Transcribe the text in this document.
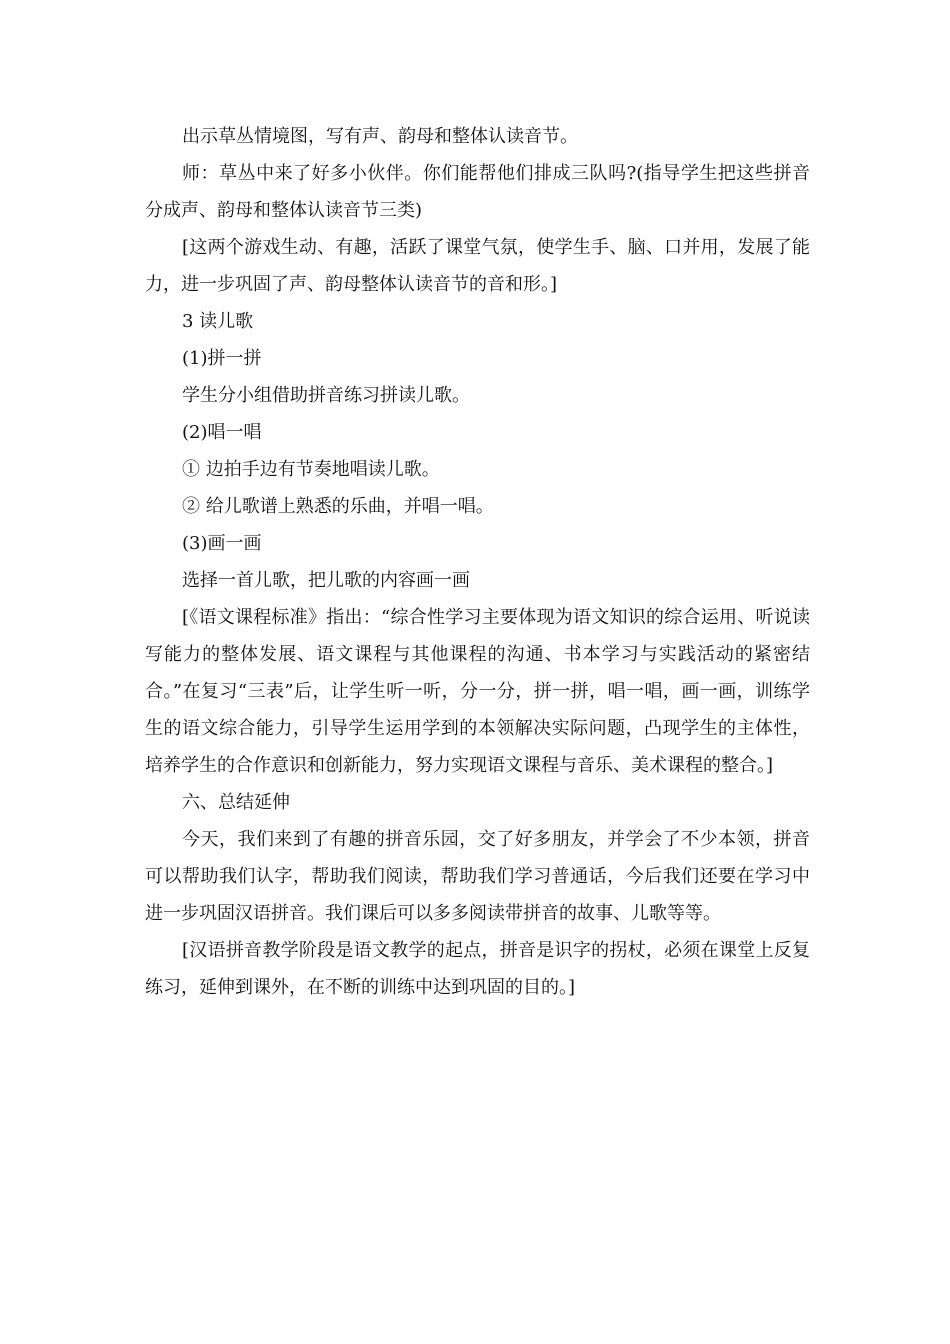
出示草丛情境图，写有声、韵母和整体认读音节。

师：草丛中来了好多小伙伴。你们能帮他们排成三队吗?(指导学生把这些拼音分成声、韵母和整体认读音节三类)

[这两个游戏生动、有趣，活跃了课堂气氛，使学生手、脑、口并用，发展了能力，进一步巩固了声、韵母整体认读音节的音和形。]

3 读儿歌

(1)拼一拼

学生分小组借助拼音练习拼读儿歌。

(2)唱一唱

① 边拍手边有节奏地唱读儿歌。

② 给儿歌谱上熟悉的乐曲，并唱一唱。

(3)画一画

选择一首儿歌，把儿歌的内容画一画

[《语文课程标准》指出：“综合性学习主要体现为语文知识的综合运用、听说读写能力的整体发展、语文课程与其他课程的沟通、书本学习与实践活动的紧密结合。”在复习“三表”后，让学生听一听，分一分，拼一拼，唱一唱，画一画，训练学生的语文综合能力，引导学生运用学到的本领解决实际问题，凸现学生的主体性，培养学生的合作意识和创新能力，努力实现语文课程与音乐、美术课程的整合。]

六、总结延伸

今天，我们来到了有趣的拼音乐园，交了好多朋友，并学会了不少本领，拼音可以帮助我们认字，帮助我们阅读，帮助我们学习普通话，今后我们还要在学习中进一步巩固汉语拼音。我们课后可以多多阅读带拼音的故事、儿歌等等。

[汉语拼音教学阶段是语文教学的起点，拼音是识字的拐杖，必须在课堂上反复练习，延伸到课外，在不断的训练中达到巩固的目的。]
